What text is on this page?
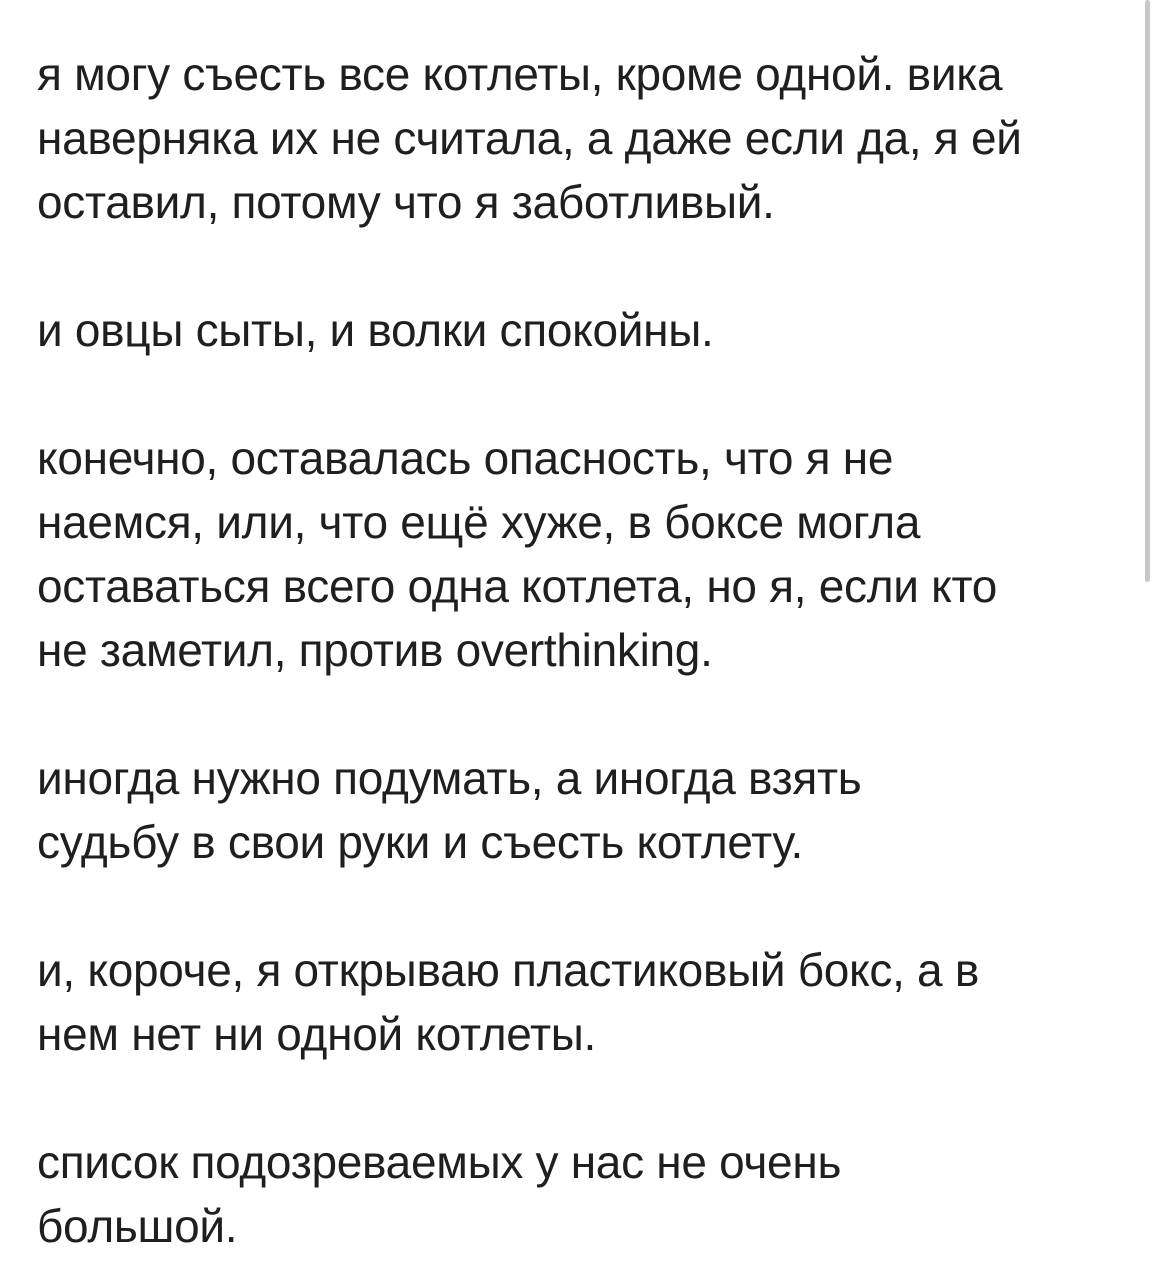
я могу съесть все котлеты, кроме одной. вика
наверняка их не считала, а даже если да, я ей
оставил, потому что я заботливый.

и овцы сыты, и волки спокойны.

конечно, оставалась опасность, что я не
наемся, или, что ещё хуже, в боксе могла
оставаться всего одна котлета, но я, если кто
не заметил, против overthinking.

иногда нужно подумать, а иногда взять
судьбу в свои руки и съесть котлету.

и, короче, я открываю пластиковый бокс, а в
нем нет ни одной котлеты.

список подозреваемых у нас не очень
большой.
